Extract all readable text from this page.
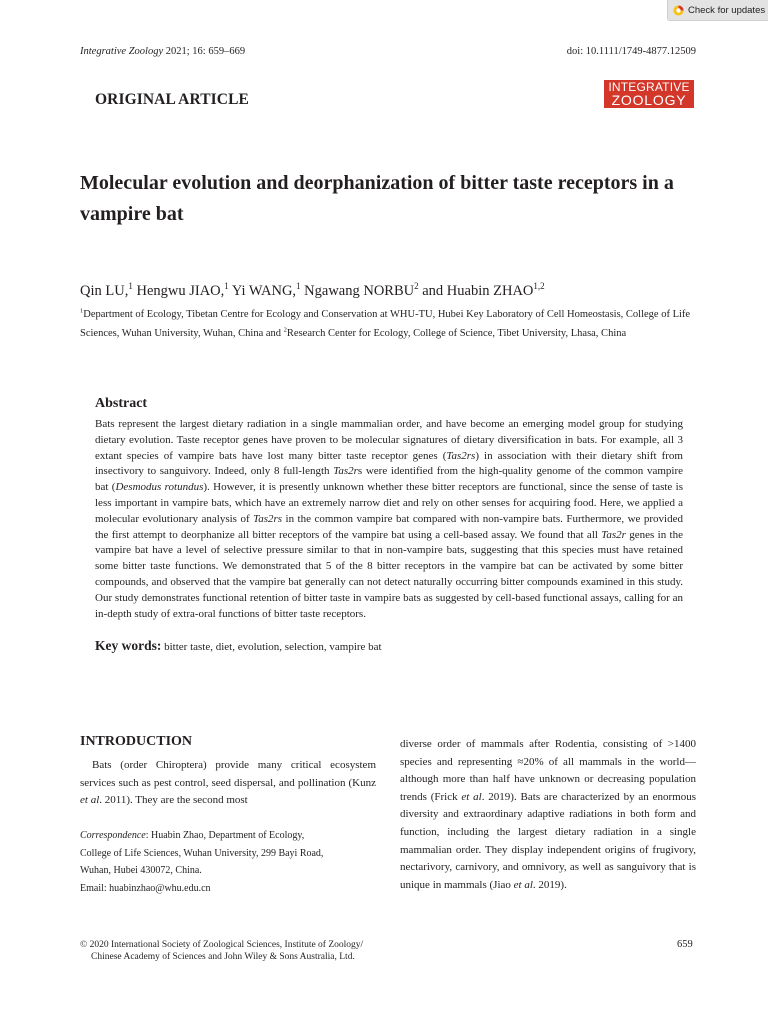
Check for updates
Integrative Zoology 2021; 16: 659–669	doi: 10.1111/1749-4877.12509
ORIGINAL ARTICLE
INTEGRATIVE
ZOOLOGY
Molecular evolution and deorphanization of bitter taste receptors in a vampire bat
Qin LU,$^1$ Hengwu JIAO,$^1$ Yi WANG,$^1$ Ngawang NORBU$^2$ and Huabin ZHAO$^{1,2}$
$^1$Department of Ecology, Tibetan Centre for Ecology and Conservation at WHU-TU, Hubei Key Laboratory of Cell Homeostasis, College of Life Sciences, Wuhan University, Wuhan, China and $^2$Research Center for Ecology, College of Science, Tibet University, Lhasa, China
Abstract

Bats represent the largest dietary radiation in a single mammalian order, and have become an emerging model group for studying dietary evolution. Taste receptor genes have proven to be molecular signatures of dietary diversification in bats. For example, all 3 extant species of vampire bats have lost many bitter taste receptor genes (Tas2rs) in association with their dietary shift from insectivory to sanguivory. Indeed, only 8 full-length Tas2rs were identified from the high-quality genome of the common vampire bat (Desmodus rotundus). However, it is presently unknown whether these bitter receptors are functional, since the sense of taste is less important in vampire bats, which have an extremely narrow diet and rely on other senses for acquiring food. Here, we applied a molecular evolutionary analysis of Tas2rs in the common vampire bat compared with non-vampire bats. Furthermore, we provided the first attempt to deorphanize all bitter receptors of the vampire bat using a cell-based assay. We found that all Tas2r genes in the vampire bat have a level of selective pressure similar to that in non-vampire bats, suggesting that this species must have retained some bitter taste functions. We demonstrated that 5 of the 8 bitter receptors in the vampire bat can be activated by some bitter compounds, and observed that the vampire bat generally can not detect naturally occurring bitter compounds examined in this study. Our study demonstrates functional retention of bitter taste in vampire bats as suggested by cell-based functional assays, calling for an in-depth study of extra-oral functions of bitter taste receptors.

Key words: bitter taste, diet, evolution, selection, vampire bat
INTRODUCTION

Bats (order Chiroptera) provide many critical ecosystem services such as pest control, seed dispersal, and pollination (Kunz et al. 2011). They are the second most

diverse order of mammals after Rodentia, consisting of >1400 species and representing ≈20% of all mammals in the world—although more than half have unknown or decreasing population trends (Frick et al. 2019). Bats are characterized by an enormous diversity and extraordinary adaptive radiations in both form and function, including the largest dietary radiation in a single mammalian order. They display independent origins of frugivory, nectarivory, carnivory, and omnivory, as well as sanguivory that is unique in mammals (Jiao et al. 2019).

Correspondence: Huabin Zhao, Department of Ecology,
College of Life Sciences, Wuhan University, 299 Bayi Road,
Wuhan, Hubei 430072, China.
Email: huabinzhao@whu.edu.cn
© 2020 International Society of Zoological Sciences, Institute of Zoology/
Chinese Academy of Sciences and John Wiley & Sons Australia, Ltd.
659
